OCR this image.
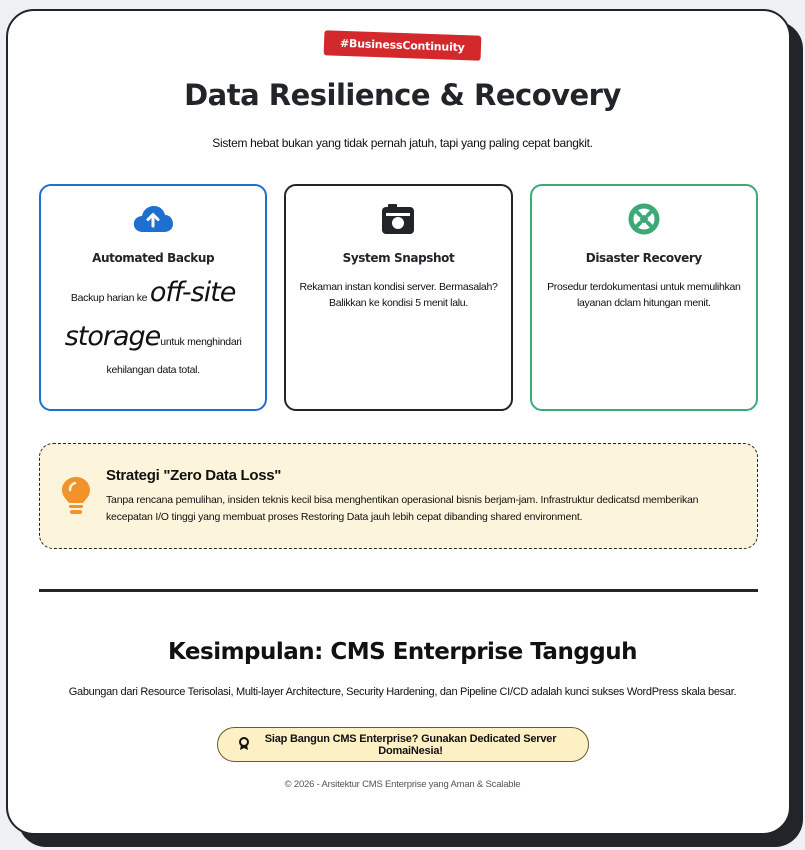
#BusinessContinuity
Data Resilience & Recovery
Sistem hebat bukan yang tidak pernah jatuh, tapi yang paling cepat bangkit.
Automated Backup

Backup harian ke off-site storageuntuk menghindari kehilangan data total.

System Snapshot

Rekaman instan kondisi server. Bermasalah? Balikkan ke kondisi 5 menit lalu.

Disaster Recovery

Prosedur terdokumentasi untuk memulihkan layanan dclam hitungan menit.

Strategi "Zero Data Loss"

Tanpa rencana pemulihan, insiden teknis kecil bisa menghentikan operasional bisnis berjam-jam. Infrastruktur dedicatsd memberikan kecepatan I/O tinggi yang membuat proses Restoring Data jauh lebih cepat dibanding shared environment.

Kesimpulan: CMS Enterprise Tangguh
Gabungan dari Resource Terisolasi, Multi-layer Architecture, Security Hardening, dan Pipeline CI/CD adalah kunci sukses WordPress skala besar.
Siap Bangun CMS Enterprise? Gunakan Dedicated Server DomaiNesia!
© 2026 - Arsitektur CMS Enterprise yang Aman & Scalable
